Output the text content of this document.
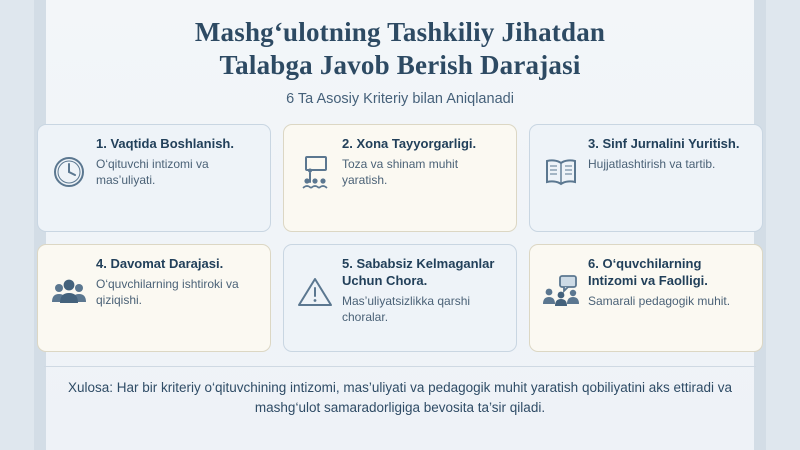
Mashg‘ulotning Tashkiliy Jihatdan
Talabga Javob Berish Darajasi
6 Ta Asosiy Kriteriy bilan Aniqlanadi

1. Vaqtida Boshlanish.

O‘qituvchi intizomi va mas’uliyati.

2. Xona Tayyorgarligi.

Toza va shinam muhit yaratish.

3. Sinf Jurnalini Yuritish.

Hujjatlashtirish va tartib.

4. Davomat Darajasi.

O‘quvchilarning ishtiroki va qiziqishi.

5. Sababsiz Kelmaganlar Uchun Chora.

Mas’uliyatsizlikka qarshi choralar.

6. O‘quvchilarning Intizomi va Faolligi.

Samarali pedagogik muhit.

Xulosa: Har bir kriteriy o‘qituvchining intizomi, mas’uliyati va pedagogik muhit yaratish qobiliyatini aks ettiradi va mashg‘ulot samaradorligiga bevosita ta’sir qiladi.
